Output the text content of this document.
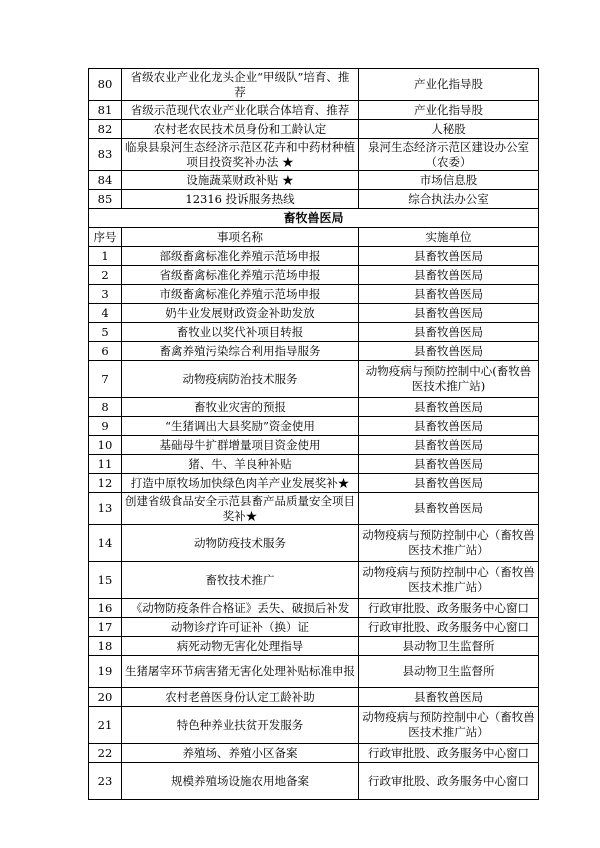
80	省级农业产业化龙头企业“甲级队”培育、推荐	产业化指导股
81	省级示范现代农业产业化联合体培育、推荐	产业化指导股
82	农村老农民技术员身份和工龄认定	人秘股
83	临泉县泉河生态经济示范区花卉和中药材种植项目投资奖补办法 ★	泉河生态经济示范区建设办公室（农委）
84	设施蔬菜财政补贴 ★	市场信息股
85	12316 投诉服务热线	综合执法办公室
畜牧兽医局		
序号	事项名称	实施单位
1	部级畜禽标准化养殖示范场申报	县畜牧兽医局
2	省级畜禽标准化养殖示范场申报	县畜牧兽医局
3	市级畜禽标准化养殖示范场申报	县畜牧兽医局
4	奶牛业发展财政资金补助发放	县畜牧兽医局
5	畜牧业以奖代补项目转报	县畜牧兽医局
6	畜禽养殖污染综合利用指导服务	县畜牧兽医局
7	动物疫病防治技术服务	动物疫病与预防控制中心(畜牧兽医技术推广站)
8	畜牧业灾害的预报	县畜牧兽医局
9	“生猪调出大县奖励”资金使用	县畜牧兽医局
10	基础母牛扩群增量项目资金使用	县畜牧兽医局
11	猪、牛、羊良种补贴	县畜牧兽医局
12	打造中原牧场加快绿色肉羊产业发展奖补★	县畜牧兽医局
13	创建省级食品安全示范县畜产品质量安全项目奖补★	县畜牧兽医局
14	动物防疫技术服务	动物疫病与预防控制中心（畜牧兽医技术推广站）
15	畜牧技术推广	动物疫病与预防控制中心（畜牧兽医技术推广站）
16	《动物防疫条件合格证》丢失、破损后补发	行政审批股、政务服务中心窗口
17	动物诊疗许可证补（换）证	行政审批股、政务服务中心窗口
18	病死动物无害化处理指导	县动物卫生监督所
19	生猪屠宰环节病害猪无害化处理补贴标准申报	县动物卫生监督所
20	农村老兽医身份认定工龄补助	县畜牧兽医局
21	特色种养业扶贫开发服务	动物疫病与预防控制中心（畜牧兽医技术推广站）
22	养殖场、养殖小区备案	行政审批股、政务服务中心窗口
23	规模养殖场设施农用地备案	行政审批股、政务服务中心窗口
